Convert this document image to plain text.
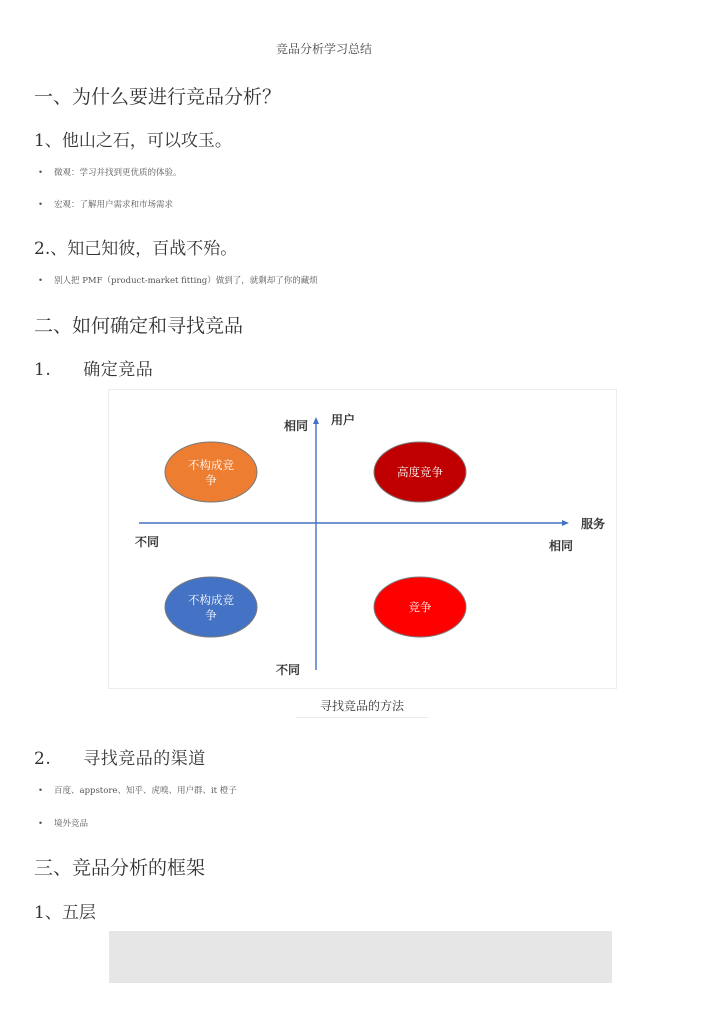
竞品分析学习总结
一、为什么要进行竞品分析？
1、他山之石，可以攻玉。
• 微观：学习并找到更优质的体验。
• 宏观：了解用户需求和市场需求
2.、知己知彼，百战不殆。
• 别人把 PMF（product-market fitting）做到了，就剩却了你的藏烦
二、如何确定和寻找竞品
1. 确定竞品
相同 用户
不同
不同
服务
相同
不构成竞
争
高度竞争
不构成竞
争
竞争
寻找竞品的方法
2. 寻找竞品的渠道
• 百度、appstore、知乎、虎嗅、用户群、it 橙子
• 境外竞品
三、竞品分析的框架
1、五层
